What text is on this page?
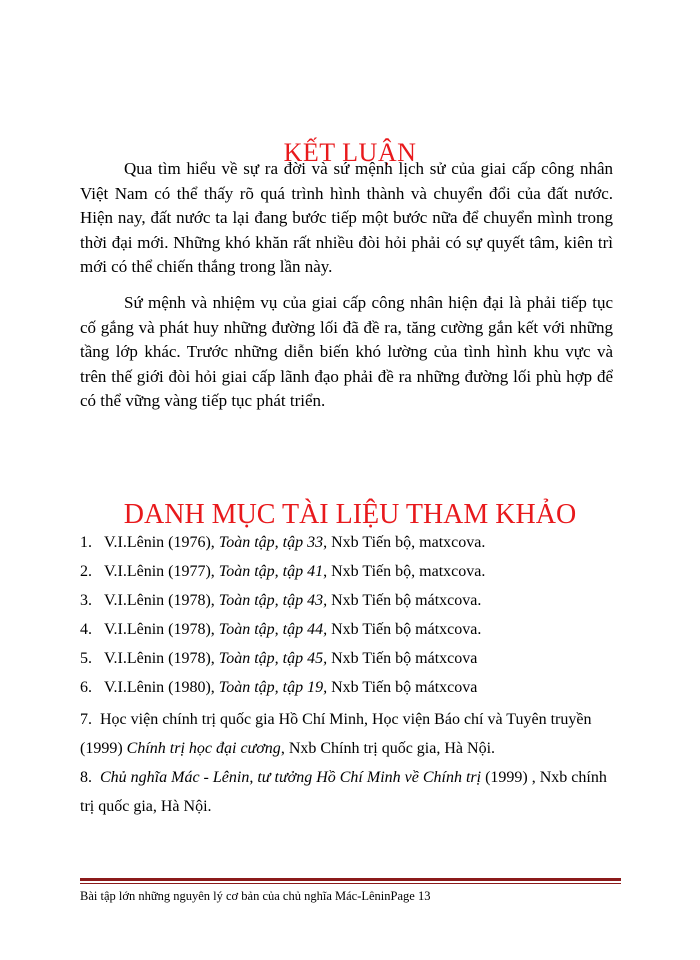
KẾT LUẬN

Qua tìm hiểu về sự ra đời và sứ mệnh lịch sử của giai cấp công nhân Việt Nam có thể thấy rõ quá trình hình thành và chuyển đổi của đất nước. Hiện nay, đất nước ta lại đang bước tiếp một bước nữa để chuyển mình trong thời đại mới. Những khó khăn rất nhiều đòi hỏi phải có sự quyết tâm, kiên trì mới có thể chiến thắng trong lần này.

Sứ mệnh và nhiệm vụ của giai cấp công nhân hiện đại là phải tiếp tục cố gắng và phát huy những đường lối đã đề ra, tăng cường gắn kết với những tầng lớp khác. Trước những diễn biến khó lường của tình hình khu vực và trên thế giới đòi hỏi giai cấp lãnh đạo phải đề ra những đường lối phù hợp để có thể vững vàng tiếp tục phát triển.

DANH MỤC TÀI LIỆU THAM KHẢO
1. V.I.Lênin (1976), Toàn tập, tập 33, Nxb Tiến bộ, matxcova.
2. V.I.Lênin (1977), Toàn tập, tập 41, Nxb Tiến bộ, matxcova.
3. V.I.Lênin (1978), Toàn tập, tập 43, Nxb Tiến bộ mátxcova.
4. V.I.Lênin (1978), Toàn tập, tập 44, Nxb Tiến bộ mátxcova.
5. V.I.Lênin (1978), Toàn tập, tập 45, Nxb Tiến bộ mátxcova
6. V.I.Lênin (1980), Toàn tập, tập 19, Nxb Tiến bộ mátxcova
7. Học viện chính trị quốc gia Hồ Chí Minh, Học viện Báo chí và Tuyên truyền (1999) Chính trị học đại cương, Nxb Chính trị quốc gia, Hà Nội.
8. Chủ nghĩa Mác - Lênin, tư tưởng Hồ Chí Minh về Chính trị (1999) , Nxb chính trị quốc gia, Hà Nội.
Bài tập lớn những nguyên lý cơ bản của chủ nghĩa Mác-LêninPage 13
